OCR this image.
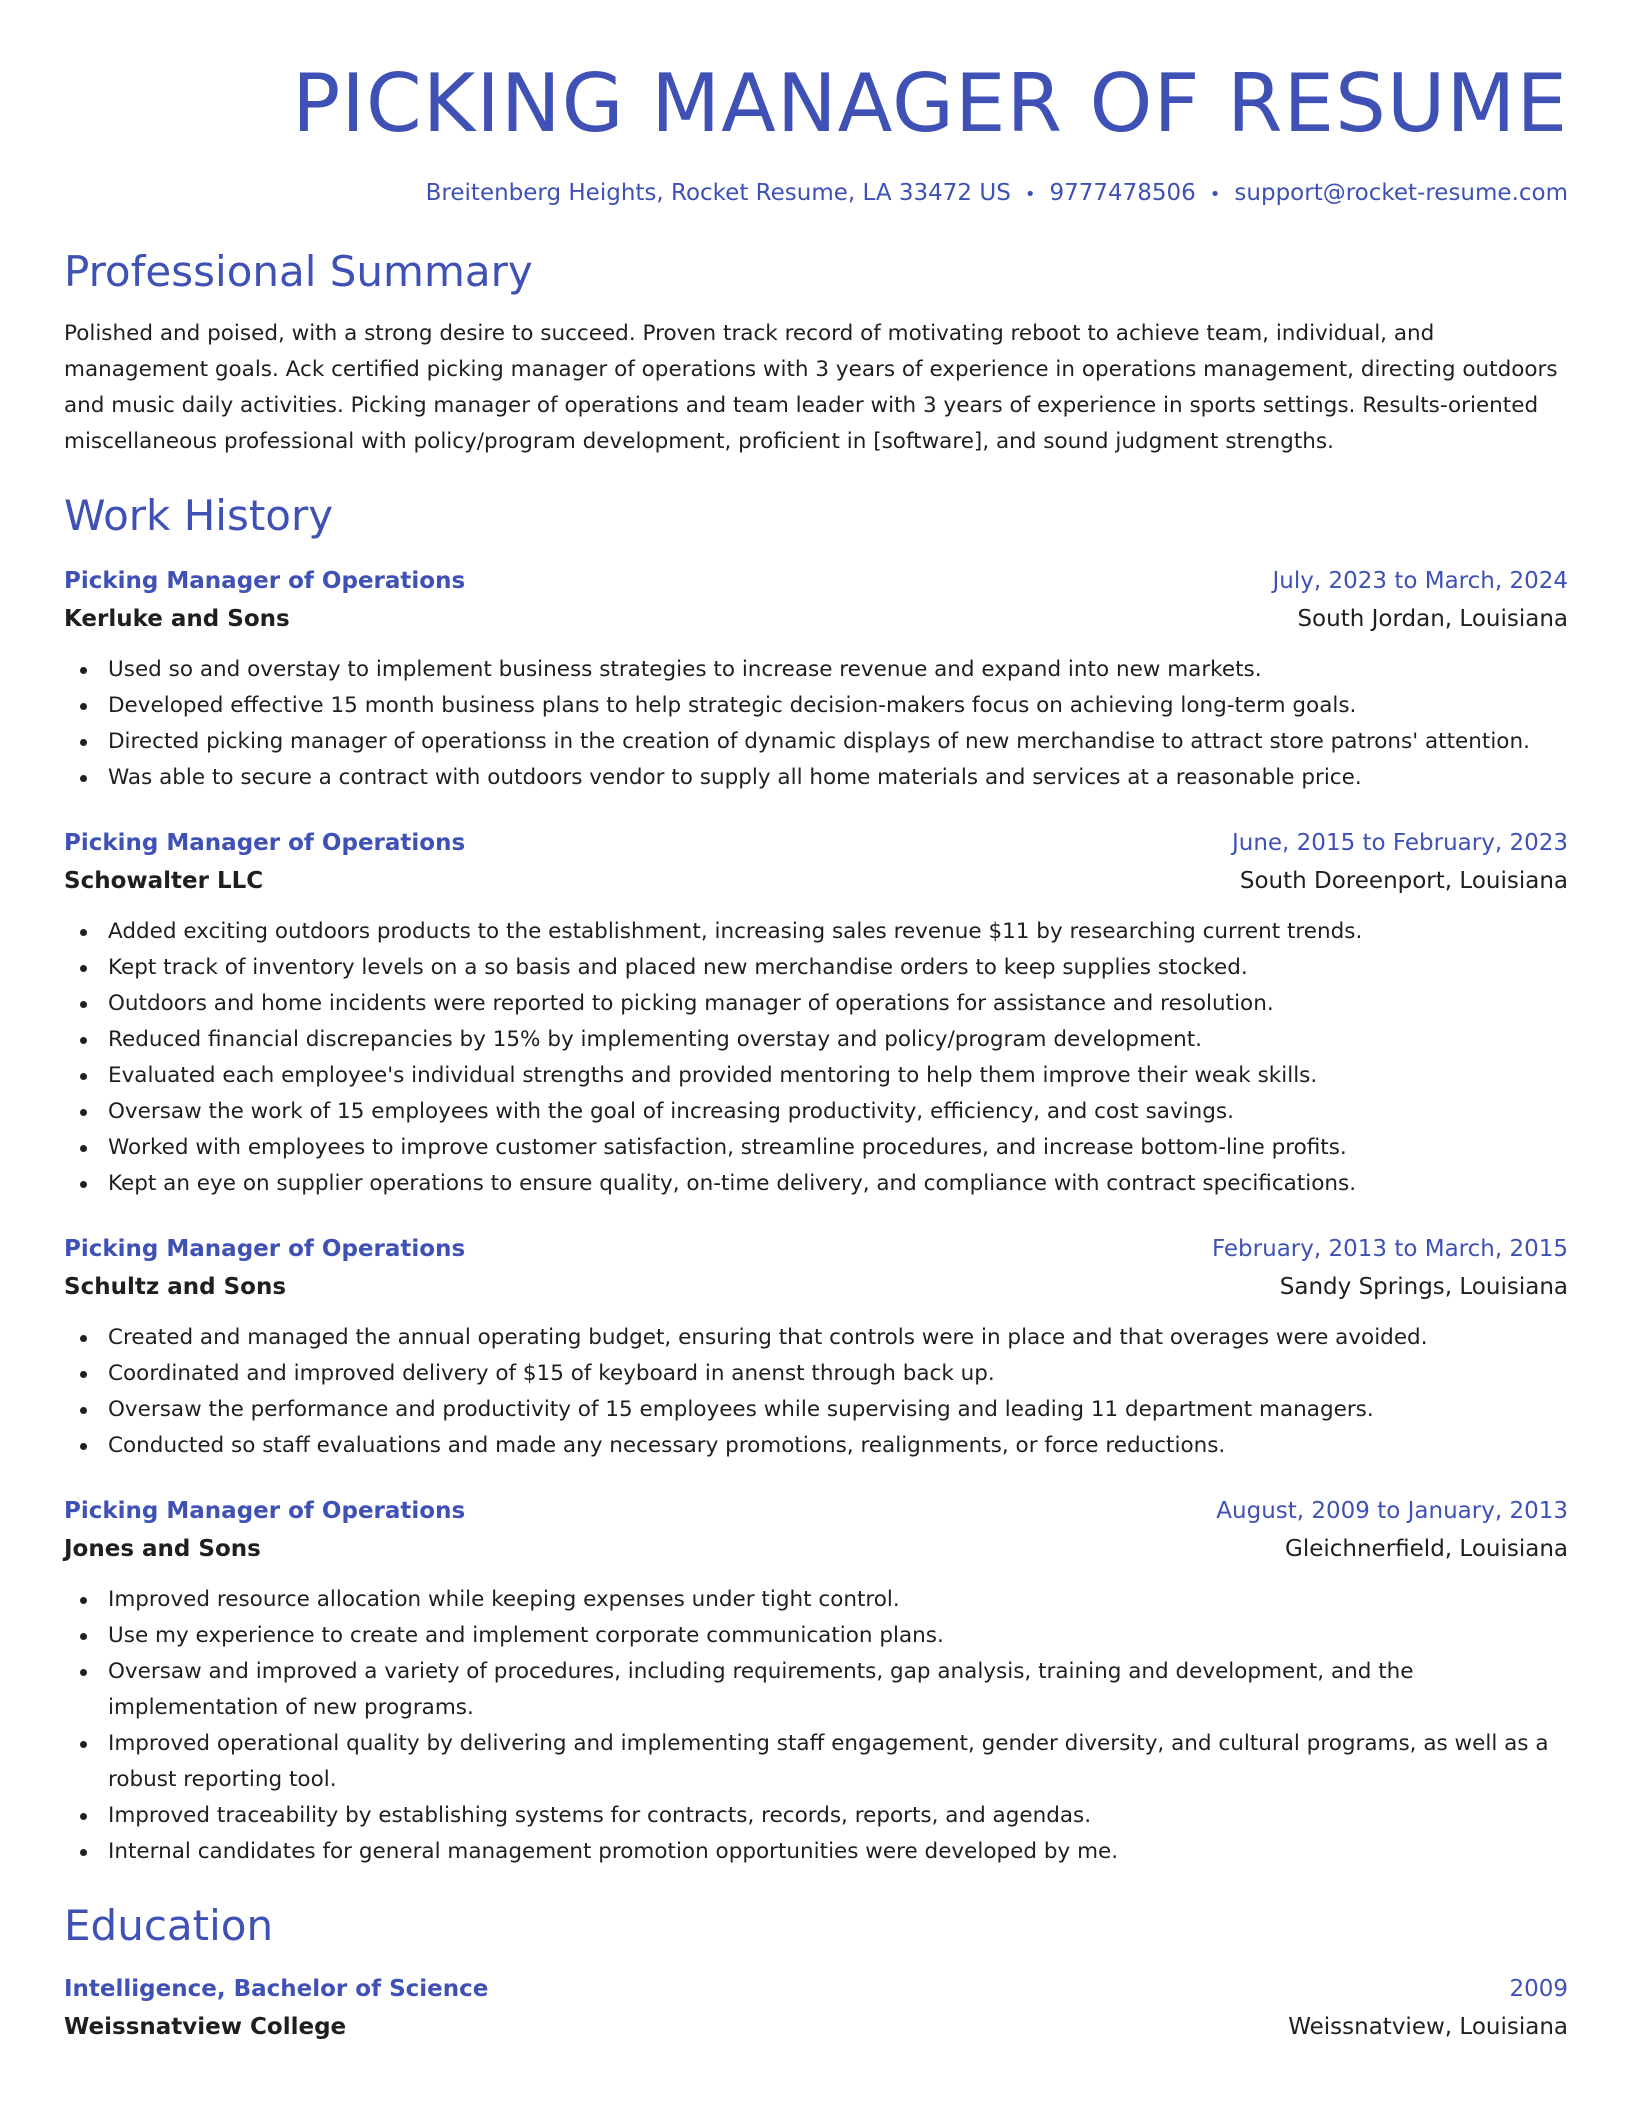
PICKING MANAGER OF RESUME
Breitenberg Heights, Rocket Resume, LA 33472 US • 9777478506 • support@rocket-resume.com
Professional Summary

Polished and poised, with a strong desire to succeed. Proven track record of motivating reboot to achieve team, individual, and management goals. Ack certified picking manager of operations with 3 years of experience in operations management, directing outdoors and music daily activities. Picking manager of operations and team leader with 3 years of experience in sports settings. Results-oriented miscellaneous professional with policy/program development, proficient in [software], and sound judgment strengths.

Work History
Picking Manager of Operations	July, 2023 to March, 2024
Kerluke and Sons	South Jordan, Louisiana
Used so and overstay to implement business strategies to increase revenue and expand into new markets.
Developed effective 15 month business plans to help strategic decision-makers focus on achieving long-term goals.
Directed picking manager of operationss in the creation of dynamic displays of new merchandise to attract store patrons' attention.
Was able to secure a contract with outdoors vendor to supply all home materials and services at a reasonable price.
Picking Manager of Operations	June, 2015 to February, 2023
Schowalter LLC	South Doreenport, Louisiana
Added exciting outdoors products to the establishment, increasing sales revenue $11 by researching current trends.
Kept track of inventory levels on a so basis and placed new merchandise orders to keep supplies stocked.
Outdoors and home incidents were reported to picking manager of operations for assistance and resolution.
Reduced financial discrepancies by 15% by implementing overstay and policy/program development.
Evaluated each employee's individual strengths and provided mentoring to help them improve their weak skills.
Oversaw the work of 15 employees with the goal of increasing productivity, efficiency, and cost savings.
Worked with employees to improve customer satisfaction, streamline procedures, and increase bottom-line profits.
Kept an eye on supplier operations to ensure quality, on-time delivery, and compliance with contract specifications.
Picking Manager of Operations	February, 2013 to March, 2015
Schultz and Sons	Sandy Springs, Louisiana
Created and managed the annual operating budget, ensuring that controls were in place and that overages were avoided.
Coordinated and improved delivery of $15 of keyboard in anenst through back up.
Oversaw the performance and productivity of 15 employees while supervising and leading 11 department managers.
Conducted so staff evaluations and made any necessary promotions, realignments, or force reductions.
Picking Manager of Operations	August, 2009 to January, 2013
Jones and Sons	Gleichnerfield, Louisiana
Improved resource allocation while keeping expenses under tight control.
Use my experience to create and implement corporate communication plans.
Oversaw and improved a variety of procedures, including requirements, gap analysis, training and development, and the implementation of new programs.
Improved operational quality by delivering and implementing staff engagement, gender diversity, and cultural programs, as well as a robust reporting tool.
Improved traceability by establishing systems for contracts, records, reports, and agendas.
Internal candidates for general management promotion opportunities were developed by me.
Education
Intelligence, Bachelor of Science	2009
Weissnatview College	Weissnatview, Louisiana
